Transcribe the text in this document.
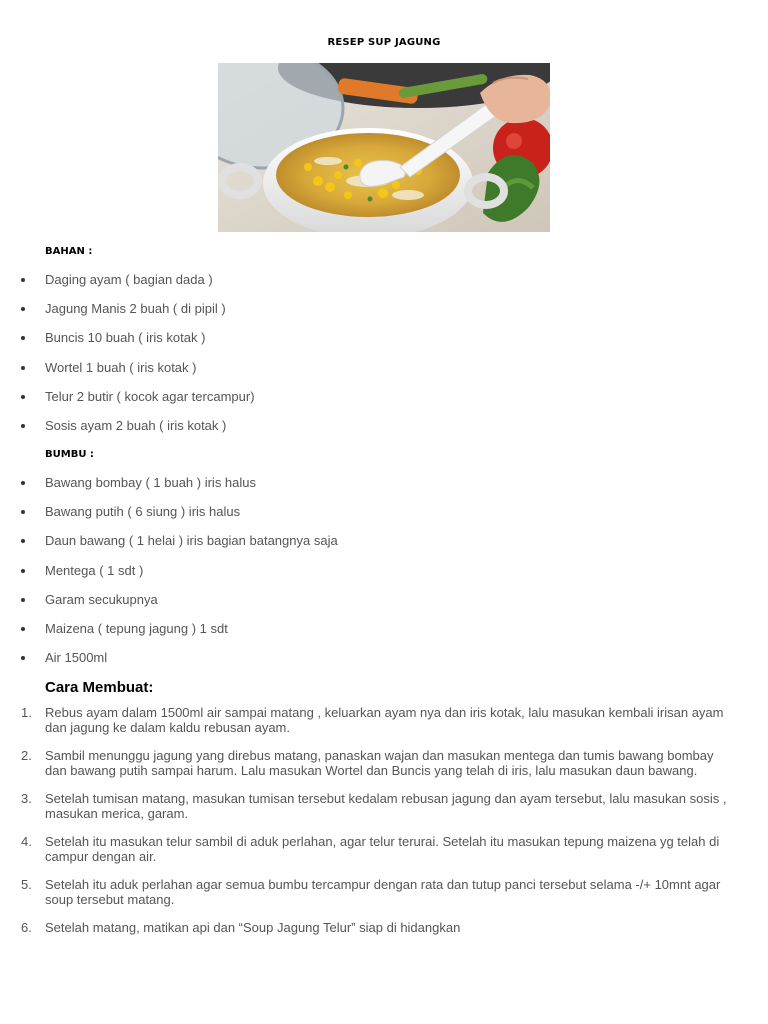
RESEP SUP JAGUNG
BAHAN :
Daging ayam ( bagian dada )
Jagung Manis 2 buah ( di pipil )
Buncis 10 buah ( iris kotak )
Wortel 1 buah ( iris kotak )
Telur 2 butir ( kocok agar tercampur)
Sosis ayam 2 buah ( iris kotak )
BUMBU :
Bawang bombay ( 1 buah ) iris halus
Bawang putih ( 6 siung ) iris halus
Daun bawang ( 1 helai ) iris bagian batangnya saja
Mentega ( 1 sdt )
Garam secukupnya
Maizena ( tepung jagung ) 1 sdt
Air 1500ml
Cara Membuat:
1. Rebus ayam dalam 1500ml air sampai matang , keluarkan ayam nya dan iris kotak, lalu masukan kembali irisan ayam dan jagung ke dalam kaldu rebusan ayam.
2. Sambil menunggu jagung yang direbus matang, panaskan wajan dan masukan mentega dan tumis bawang bombay dan bawang putih sampai harum. Lalu masukan Wortel dan Buncis yang telah di iris, lalu masukan daun bawang.
3. Setelah tumisan matang, masukan tumisan tersebut kedalam rebusan jagung dan ayam tersebut, lalu masukan sosis , masukan merica, garam.
4. Setelah itu masukan telur sambil di aduk perlahan, agar telur terurai. Setelah itu masukan tepung maizena yg telah di campur dengan air.
5. Setelah itu aduk perlahan agar semua bumbu tercampur dengan rata dan tutup panci tersebut selama -/+ 10mnt agar soup tersebut matang.
6. Setelah matang, matikan api dan “Soup Jagung Telur” siap di hidangkan
